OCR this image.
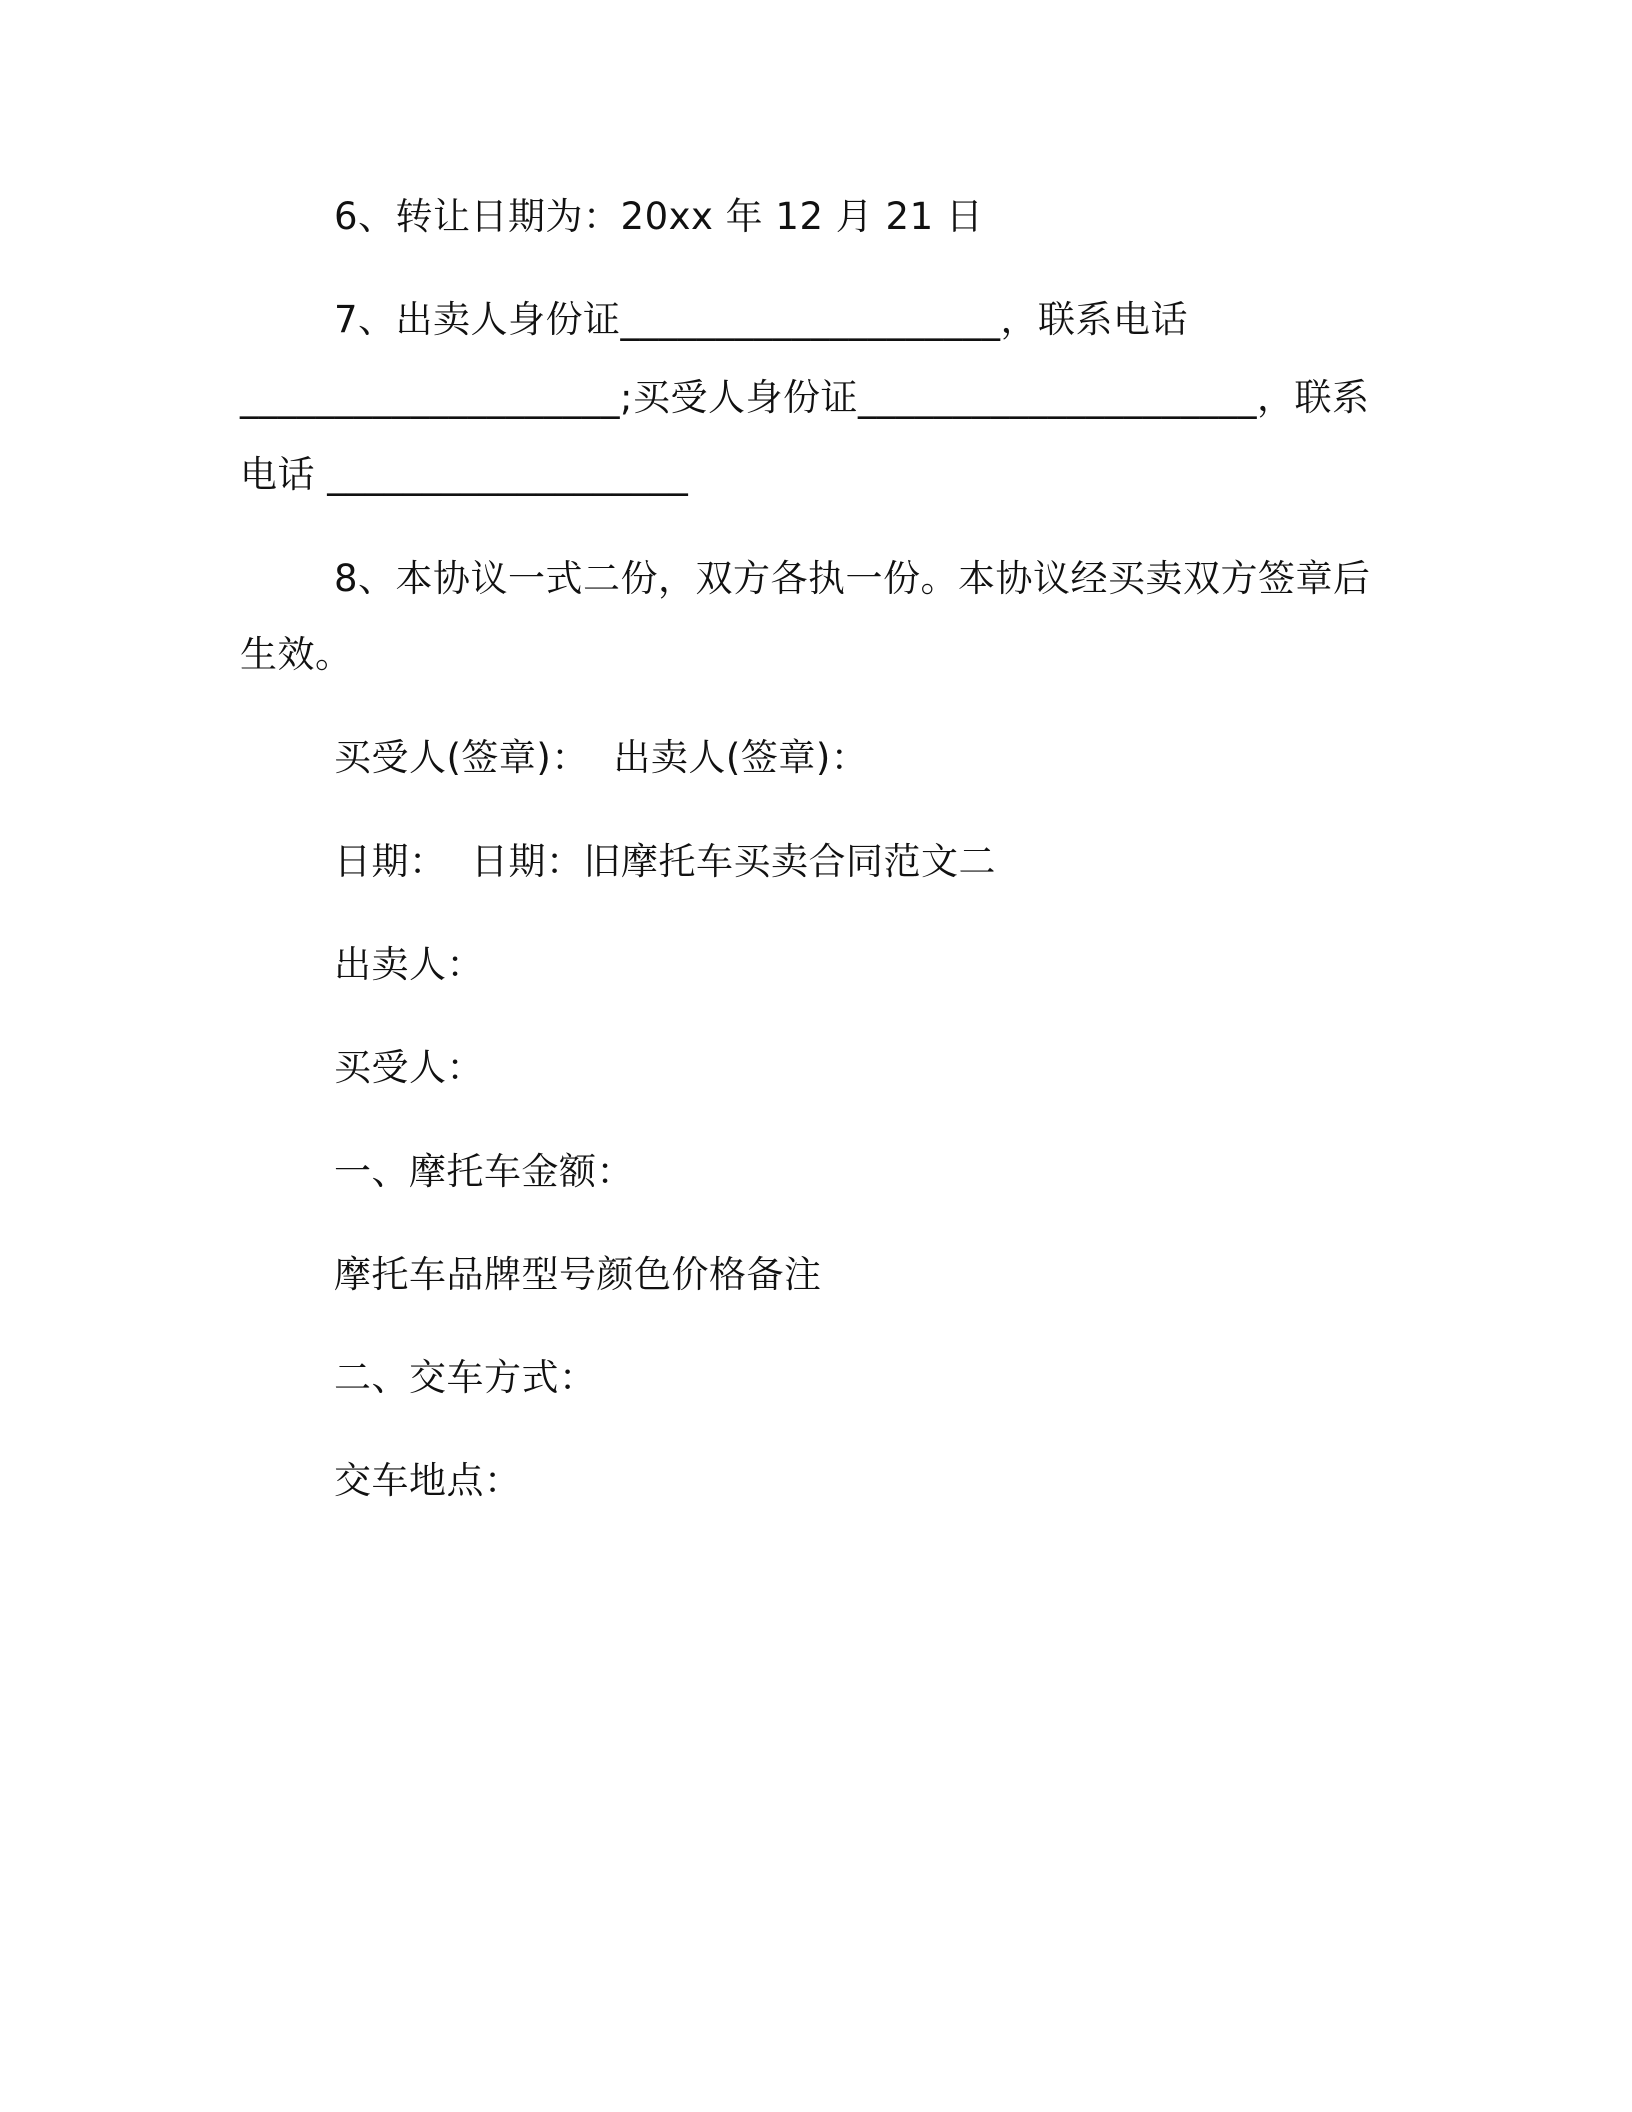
6、转让日期为：20xx 年 12 月 21 日
7、出卖人身份证____________________，联系电话
____________________;买受人身份证_____________________，联系
电话 ___________________
8、本协议一式二份，双方各执一份。本协议经买卖双方签章后
生效。
买受人(签章)：  出卖人(签章)：
日期：  日期：旧摩托车买卖合同范文二
出卖人：
买受人：
一、摩托车金额：
摩托车品牌型号颜色价格备注
二、交车方式：
交车地点：
